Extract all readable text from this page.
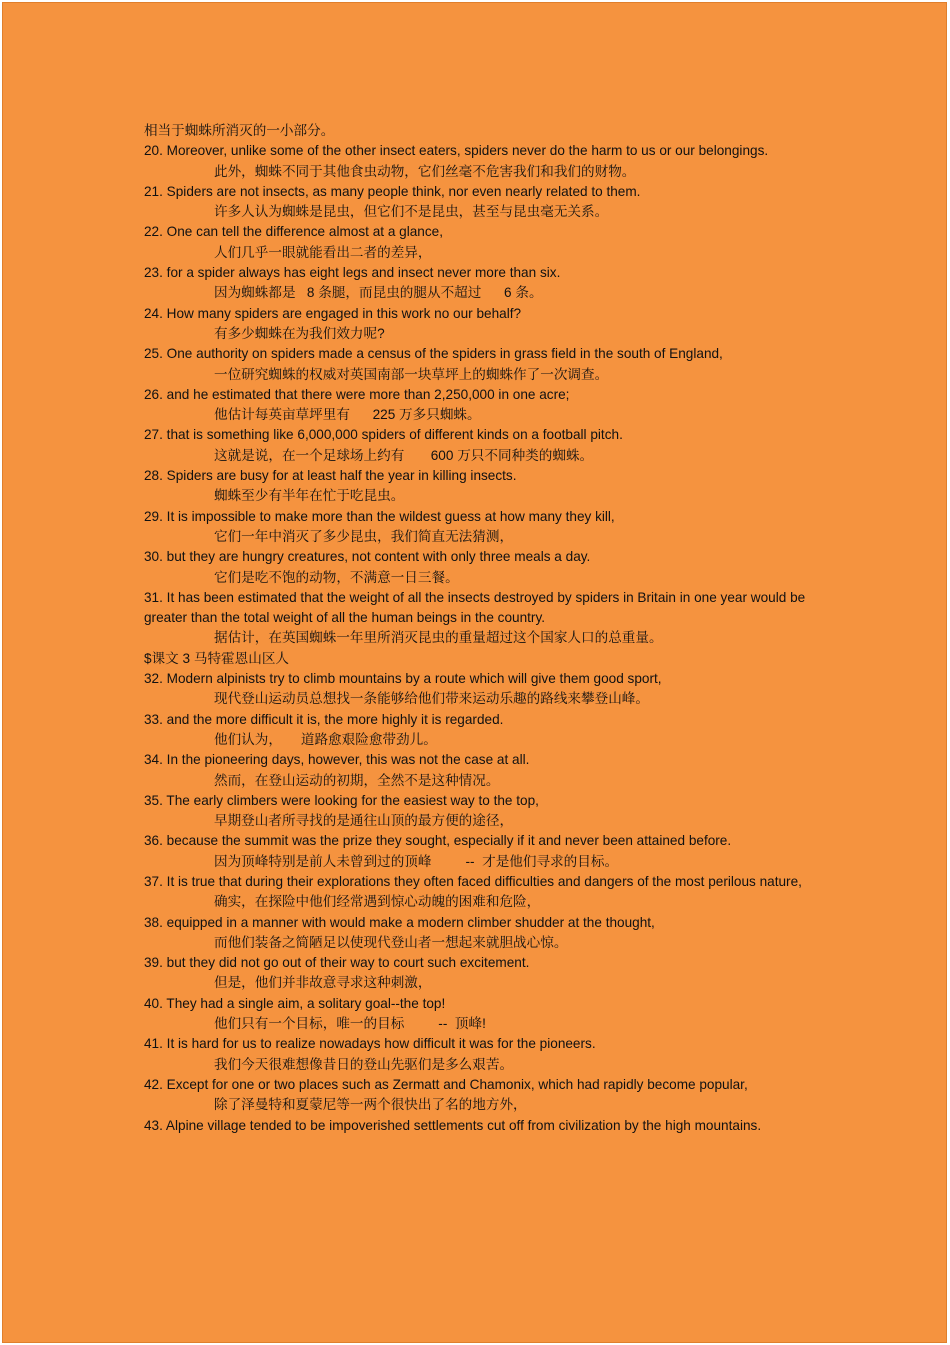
相当于蜘蛛所消灭的一小部分。

20. Moreover, unlike some of the other insect eaters, spiders never do the harm to us or our belongings.

此外，蜘蛛不同于其他食虫动物，它们丝毫不危害我们和我们的财物。

21. Spiders are not insects, as many people think, nor even nearly related to them.

许多人认为蜘蛛是昆虫，但它们不是昆虫，甚至与昆虫毫无关系。

22. One can tell the difference almost at a glance,

人们几乎一眼就能看出二者的差异，

23. for a spider always has eight legs and insect never more than six.

因为蜘蛛都是   8 条腿，而昆虫的腿从不超过      6 条。

24. How many spiders are engaged in this work no our behalf?

有多少蜘蛛在为我们效力呢?

25. One authority on spiders made a census of the spiders in grass field in the south of England,

一位研究蜘蛛的权威对英国南部一块草坪上的蜘蛛作了一次调查。

26. and he estimated that there were more than 2,250,000 in one acre;

他估计每英亩草坪里有      225 万多只蜘蛛。

27. that is something like 6,000,000 spiders of different kinds on a football pitch.

这就是说，在一个足球场上约有       600 万只不同种类的蜘蛛。

28. Spiders are busy for at least half the year in killing insects.

蜘蛛至少有半年在忙于吃昆虫。

29. It is impossible to make more than the wildest guess at how many they kill,

它们一年中消灭了多少昆虫，我们简直无法猜测，

30. but they are hungry creatures, not content with only three meals a day.

它们是吃不饱的动物，不满意一日三餐。

31. It has been estimated that the weight of all the insects destroyed by spiders in Britain in one year would be greater than the total weight of all the human beings in the country.

据估计，在英国蜘蛛一年里所消灭昆虫的重量超过这个国家人口的总重量。

$课文 3 马特霍恩山区人

32. Modern alpinists try to climb mountains by a route which will give them good sport,

现代登山运动员总想找一条能够给他们带来运动乐趣的路线来攀登山峰。

33. and the more difficult it is, the more highly it is regarded.

他们认为，     道路愈艰险愈带劲儿。

34. In the pioneering days, however, this was not the case at all.

然而，在登山运动的初期，全然不是这种情况。

35. The early climbers were looking for the easiest way to the top,

早期登山者所寻找的是通往山顶的最方便的途径，

36. because the summit was the prize they sought, especially if it and never been attained before.

因为顶峰特别是前人未曾到过的顶峰         --  才是他们寻求的目标。

37. It is true that during their explorations they often faced difficulties and dangers of the most perilous nature,

确实，在探险中他们经常遇到惊心动魄的困难和危险，

38. equipped in a manner with would make a modern climber shudder at the thought,

而他们装备之简陋足以使现代登山者一想起来就胆战心惊。

39. but they did not go out of their way to court such excitement.

但是，他们并非故意寻求这种刺激，

40. They had a single aim, a solitary goal--the top!

他们只有一个目标，唯一的目标         --  顶峰!

41. It is hard for us to realize nowadays how difficult it was for the pioneers.

我们今天很难想像昔日的登山先驱们是多么艰苦。

42. Except for one or two places such as Zermatt and Chamonix, which had rapidly become popular,

除了泽曼特和夏蒙尼等一两个很快出了名的地方外，

43. Alpine village tended to be impoverished settlements cut off from civilization by the high mountains.
